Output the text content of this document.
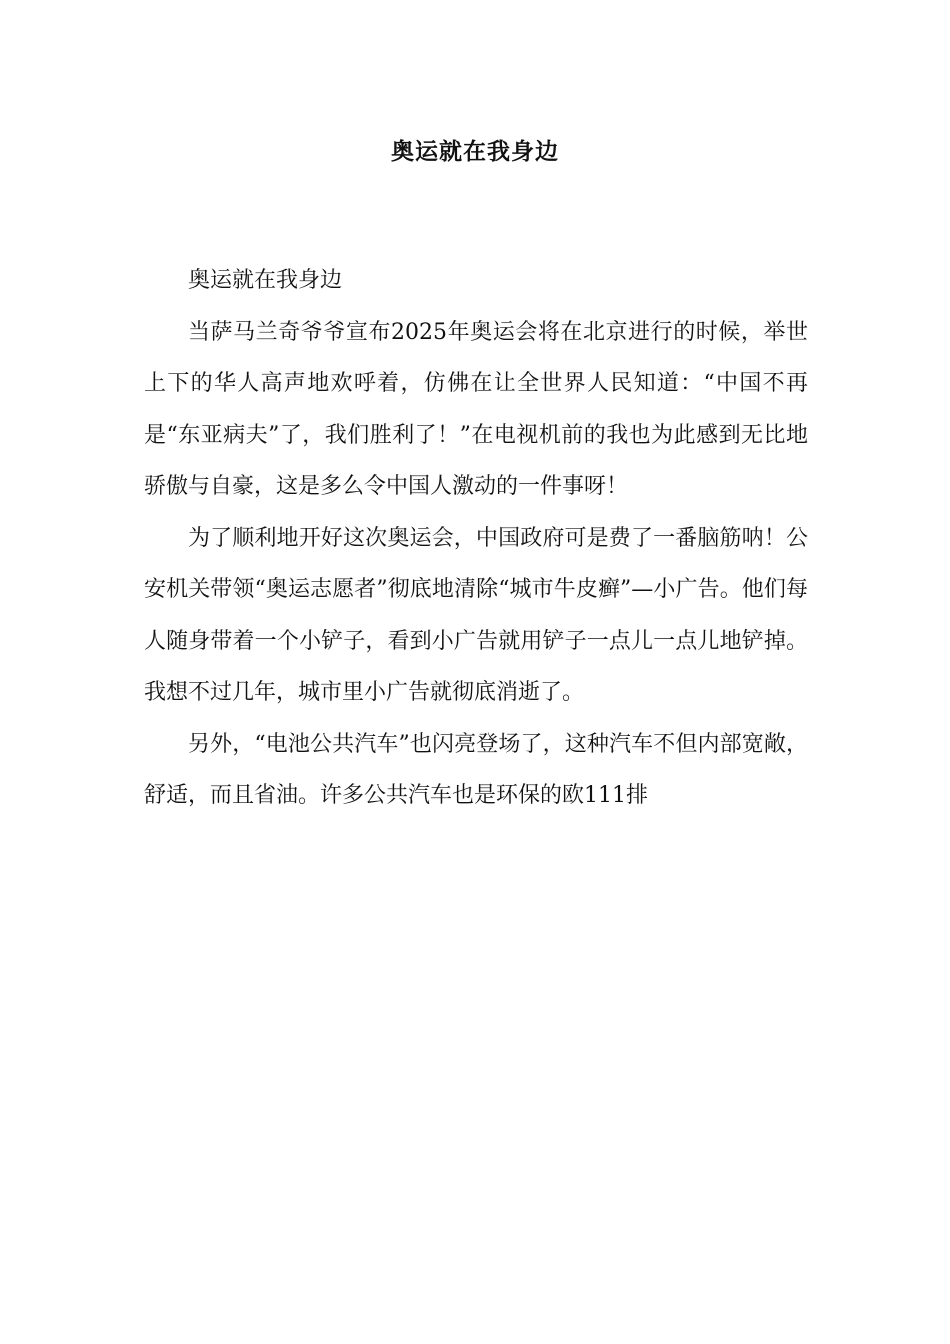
奥运就在我身边

奥运就在我身边

当萨马兰奇爷爷宣布2025年奥运会将在北京进行的时候，举世上下的华人高声地欢呼着，仿佛在让全世界人民知道：“中国不再是“东亚病夫”了，我们胜利了！”在电视机前的我也为此感到无比地骄傲与自豪，这是多么令中国人激动的一件事呀！

为了顺利地开好这次奥运会，中国政府可是费了一番脑筋呐！公安机关带领“奥运志愿者”彻底地清除“城市牛皮癣”—小广告。他们每人随身带着一个小铲子，看到小广告就用铲子一点儿一点儿地铲掉。我想不过几年，城市里小广告就彻底消逝了。

另外，“电池公共汽车”也闪亮登场了，这种汽车不但内部宽敞，舒适，而且省油。许多公共汽车也是环保的欧111排
